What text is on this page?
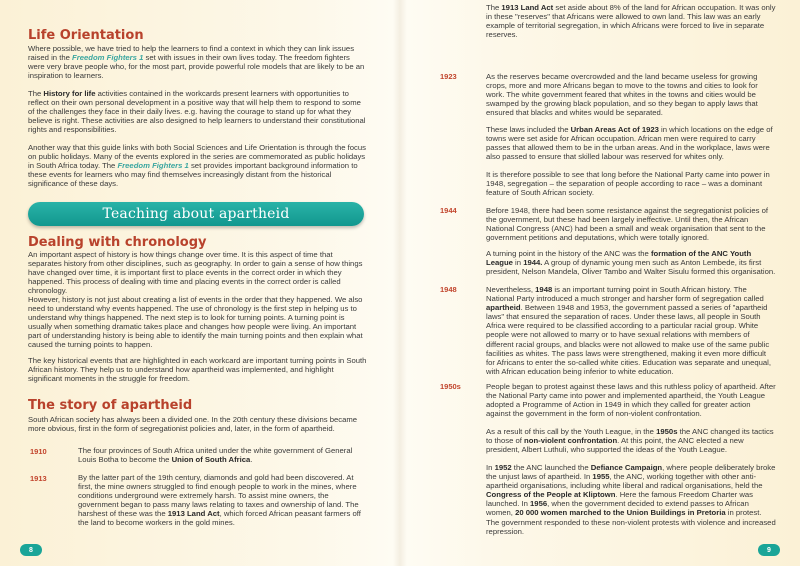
Life Orientation

Where possible, we have tried to help the learners to find a context in which they can link issues raised in the Freedom Fighters 1 set with issues in their own lives today. The freedom fighters were very brave people who, for the most part, provide powerful role models that are likely to be an inspiration to learners.

The History for life activities contained in the workcards present learners with opportunities to reflect on their own personal development in a positive way that will help them to respond to some of the challenges they face in their daily lives. e.g. having the courage to stand up for what they believe is right. These activities are also designed to help learners to understand their constitutional rights and responsibilities.

Another way that this guide links with both Social Sciences and Life Orientation is through the focus on public holidays. Many of the events explored in the series are commemorated as public holidays in South Africa today. The Freedom Fighters 1 set provides important background information to these events for learners who may find themselves increasingly distant from the historical significance of these days.

Teaching about apartheid
Dealing with chronology

An important aspect of history is how things change over time. It is this aspect of time that separates history from other disciplines, such as geography. In order to gain a sense of how things have changed over time, it is important first to place events in the correct order in which they happened. This process of dealing with time and placing events in the correct order is called chronology.

However, history is not just about creating a list of events in the order that they happened. We also need to understand why events happened. The use of chronology is the first step in helping us to understand why things happened. The next step is to look for turning points. A turning point is usually when something dramatic takes place and changes how people were living. An important part of understanding history is being able to identify the main turning points and then explain what caused the turning points to happen.

The key historical events that are highlighted in each workcard are important turning points in South African history. They help us to understand how apartheid was implemented, and highlight significant moments in the struggle for freedom.

The story of apartheid

South African society has always been a divided one. In the 20th century these divisions became more obvious, first in the form of segregationist policies and, later, in the form of apartheid.

1910	The four provinces of South Africa united under the white government of General Louis Botha to become the Union of South Africa.

1913	By the latter part of the 19th century, diamonds and gold had been discovered. At first, the mine owners struggled to find enough people to work in the mines, where conditions underground were extremely harsh. To assist mine owners, the government began to pass many laws relating to taxes and ownership of land. The harshest of these was the 1913 Land Act, which forced African peasant farmers off the land to become workers in the gold mines.

8

The 1913 Land Act set aside about 8% of the land for African occupation. It was only in these "reserves" that Africans were allowed to own land. This law was an early example of territorial segregation, in which Africans were forced to live in separate reserves.

1923	As the reserves became overcrowded and the land became useless for growing crops, more and more Africans began to move to the towns and cities to look for work. The white government feared that whites in the towns and cities would be swamped by the growing black population, and so they began to apply laws that ensured that blacks and whites would be separated.

These laws included the Urban Areas Act of 1923 in which locations on the edge of towns were set aside for African occupation. African men were required to carry passes that allowed them to be in the urban areas. And in the workplace, laws were also passed to ensure that skilled labour was reserved for whites only.

It is therefore possible to see that long before the National Party came into power in 1948, segregation – the separation of people according to race – was a dominant feature of South African society.

1944	Before 1948, there had been some resistance against the segregationist policies of the government, but these had been largely ineffective. Until then, the African National Congress (ANC) had been a small and weak organisation that sent to the government petitions and deputations, which were totally ignored.

A turning point in the history of the ANC was the formation of the ANC Youth League in 1944. A group of dynamic young men such as Anton Lembede, its first president, Nelson Mandela, Oliver Tambo and Walter Sisulu formed this organisation.

1948	Nevertheless, 1948 is an important turning point in South African history. The National Party introduced a much stronger and harsher form of segregation called apartheid. Between 1948 and 1953, the government passed a series of "apartheid laws" that ensured the separation of races. Under these laws, all people in South Africa were required to be classified according to a particular racial group. White people were not allowed to marry or to have sexual relations with members of different racial groups, and blacks were not allowed to make use of the same public facilities as whites. The pass laws were strengthened, making it even more difficult for Africans to enter the so-called white cities. Education was separate and unequal, with African education being inferior to white education.

1950s	People began to protest against these laws and this ruthless policy of apartheid. After the National Party came into power and implemented apartheid, the Youth League adopted a Programme of Action in 1949 in which they called for greater action against the government in the form of non-violent confrontation.

As a result of this call by the Youth League, in the 1950s the ANC changed its tactics to those of non-violent confrontation. At this point, the ANC elected a new president, Albert Luthuli, who supported the ideas of the Youth League.

In 1952 the ANC launched the Defiance Campaign, where people deliberately broke the unjust laws of apartheid. In 1955, the ANC, working together with other anti-apartheid organisations, including white liberal and radical organisations, held the Congress of the People at Kliptown. Here the famous Freedom Charter was launched. In 1956, when the government decided to extend passes to African women, 20 000 women marched to the Union Buildings in Pretoria in protest. The government responded to these non-violent protests with violence and increased repression.

9
